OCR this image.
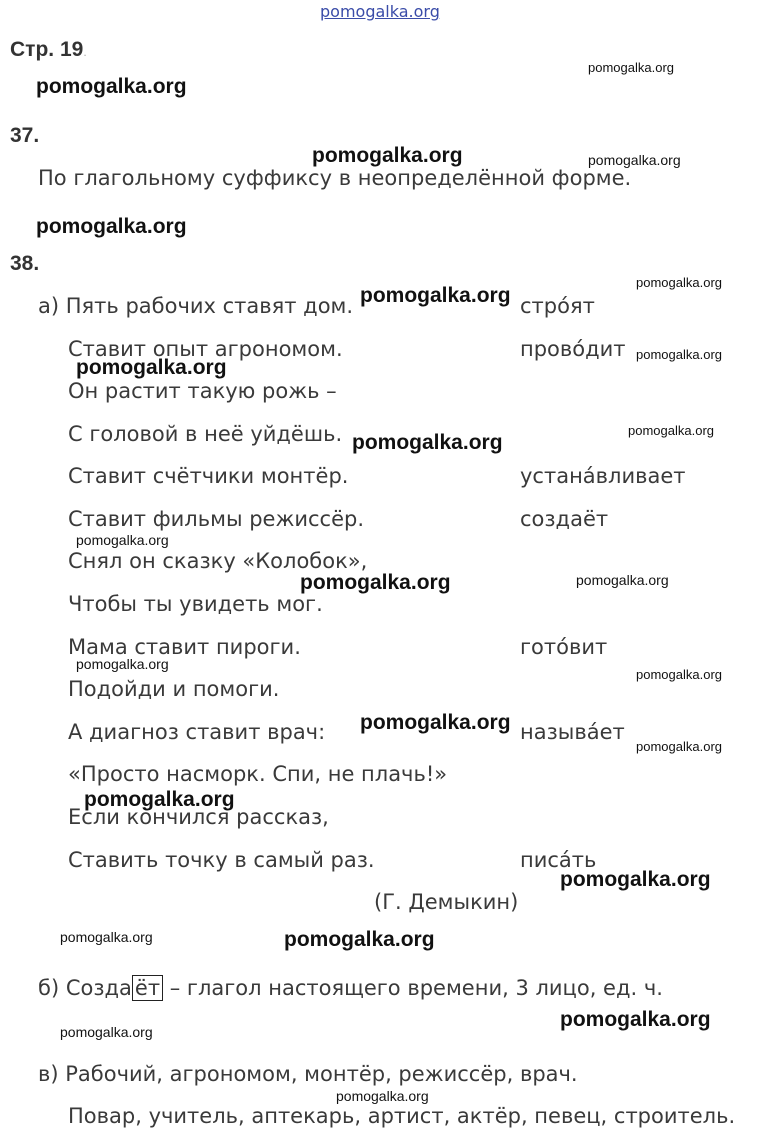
pomogalka.org
Стр. 19.
37.
По глагольному суффиксу в неопределённой форме.
38.
а) Пять рабочих ставят дом.
Ставит опыт агрономом.
Он растит такую рожь –
С головой в неё уйдёшь.
Ставит счётчики монтёр.
Ставит фильмы режиссёр.
Снял он сказку «Колобок»,
Чтобы ты увидеть мог.
Мама ставит пироги.
Подойди и помоги.
А диагноз ставит врач:
«Просто насморк. Спи, не плачь!»
Если кончился рассказ,
Ставить точку в самый раз.
стро́ят
прово́дит
устана́вливает
создаёт
гото́вит
называ́ет
писа́ть
(Г. Демыкин)
б) Созда ёт – глагол настоящего времени, 3 лицо, ед. ч.
в) Рабочий, агрономом, монтёр, режиссёр, врач.
Повар, учитель, аптекарь, артист, актёр, певец, строитель.
pomogalka.org
pomogalka.org
pomogalka.org	pomogalka.org
pomogalka.org
pomogalka.org
pomogalka.org
pomogalka.org
pomogalka.org
pomogalka.org
pomogalka.org
pomogalka.org
pomogalka.org
pomogalka.org
pomogalka.org
pomogalka.org
pomogalka.org
pomogalka.org
pomogalka.org
pomogalka.org
pomogalka.org	pomogalka.org
pomogalka.org
pomogalka.org
pomogalka.org
